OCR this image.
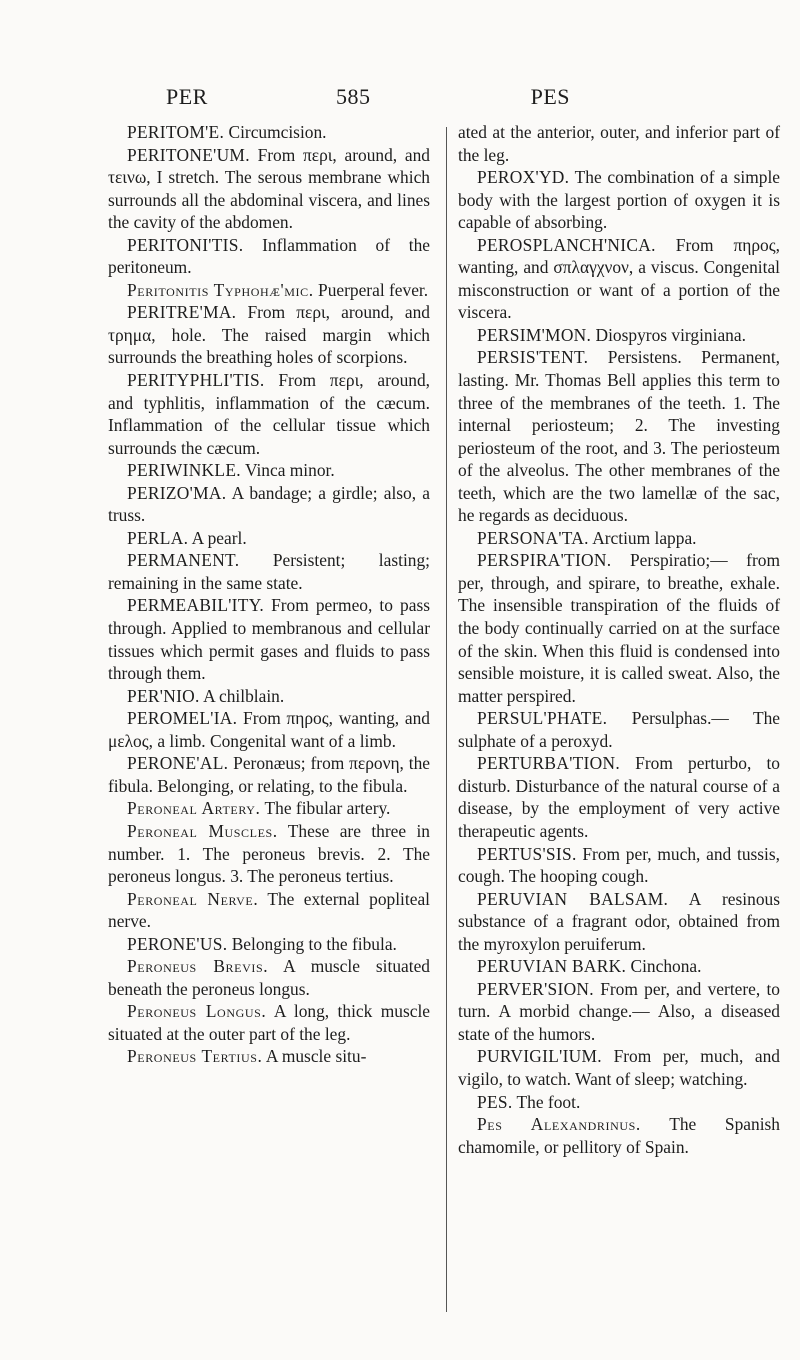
PER	585	PES

PERITOM'E. Circumcision.

PERITONE'UM. From περι, around, and τεινω, I stretch. The serous membrane which surrounds all the abdominal viscera, and lines the cavity of the abdomen.

PERITONI'TIS. Inflammation of the peritoneum.

Peritonitis Typhohæ'mic. Puerperal fever.

PERITRE'MA. From περι, around, and τρημα, hole. The raised margin which surrounds the breathing holes of scorpions.

PERITYPHLI'TIS. From περι, around, and typhlitis, inflammation of the cæcum. Inflammation of the cellular tissue which surrounds the cæcum.

PERIWINKLE. Vinca minor.

PERIZO'MA. A bandage; a girdle; also, a truss.

PERLA. A pearl.

PERMANENT. Persistent; lasting; remaining in the same state.

PERMEABIL'ITY. From permeo, to pass through. Applied to membranous and cellular tissues which permit gases and fluids to pass through them.

PER'NIO. A chilblain.

PEROMEL'IA. From πηρος, wanting, and μελος, a limb. Congenital want of a limb.

PERONE'AL. Peronæus; from περονη, the fibula. Belonging, or relating, to the fibula.

Peroneal Artery. The fibular artery.

Peroneal Muscles. These are three in number. 1. The peroneus brevis. 2. The peroneus longus. 3. The peroneus tertius.

Peroneal Nerve. The external popliteal nerve.

PERONE'US. Belonging to the fibula.

Peroneus Brevis. A muscle situated beneath the peroneus longus.

Peroneus Longus. A long, thick muscle situated at the outer part of the leg.

Peroneus Tertius. A muscle situ-

ated at the anterior, outer, and inferior part of the leg.

PEROX'YD. The combination of a simple body with the largest portion of oxygen it is capable of absorbing.

PEROSPLANCH'NICA. From πηρος, wanting, and σπλαγχνον, a viscus. Congenital misconstruction or want of a portion of the viscera.

PERSIM'MON. Diospyros virginiana.

PERSIS'TENT. Persistens. Permanent, lasting. Mr. Thomas Bell applies this term to three of the membranes of the teeth. 1. The internal periosteum; 2. The investing periosteum of the root, and 3. The periosteum of the alveolus. The other membranes of the teeth, which are the two lamellæ of the sac, he regards as deciduous.

PERSONA'TA. Arctium lappa.

PERSPIRA'TION. Perspiratio;— from per, through, and spirare, to breathe, exhale. The insensible transpiration of the fluids of the body continually carried on at the surface of the skin. When this fluid is condensed into sensible moisture, it is called sweat. Also, the matter perspired.

PERSUL'PHATE. Persulphas.— The sulphate of a peroxyd.

PERTURBA'TION. From perturbo, to disturb. Disturbance of the natural course of a disease, by the employment of very active therapeutic agents.

PERTUS'SIS. From per, much, and tussis, cough. The hooping cough.

PERUVIAN BALSAM. A resinous substance of a fragrant odor, obtained from the myroxylon peruiferum.

PERUVIAN BARK. Cinchona.

PERVER'SION. From per, and vertere, to turn. A morbid change.— Also, a diseased state of the humors.

PURVIGIL'IUM. From per, much, and vigilo, to watch. Want of sleep; watching.

PES. The foot.

Pes Alexandrinus. The Spanish chamomile, or pellitory of Spain.
